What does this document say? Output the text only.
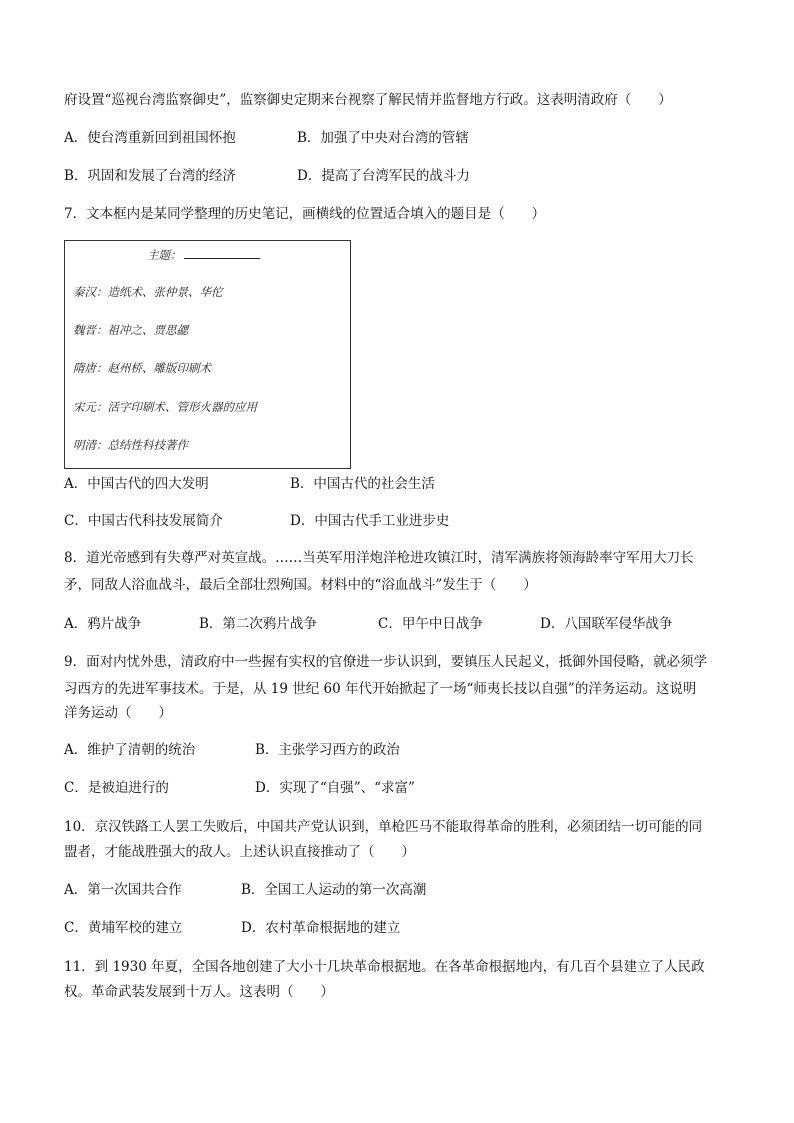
府设置“巡视台湾监察御史”，监察御史定期来台视察了解民情并监督地方行政。这表明清政府（　　）
A．使台湾重新回到祖国怀抱	B．加强了中央对台湾的管辖
B．巩固和发展了台湾的经济	D．提高了台湾军民的战斗力
7．文本框内是某同学整理的历史笔记，画横线的位置适合填入的题目是（　　）
主题：
秦汉：造纸术、张仲景、华佗
魏晋：祖冲之、贾思勰
隋唐：赵州桥、雕版印刷术
宋元：活字印刷术、管形火器的应用
明清：总结性科技著作
A．中国古代的四大发明	B．中国古代的社会生活
C．中国古代科技发展简介	D．中国古代手工业进步史
8．道光帝感到有失尊严对英宣战。……当英军用洋炮洋枪进攻镇江时，清军满族将领海龄率守军用大刀长
矛，同敌人浴血战斗，最后全部壮烈殉国。材料中的“浴血战斗”发生于（　　）
A．鸦片战争	B．第二次鸦片战争	C．甲午中日战争	D．八国联军侵华战争
9．面对内忧外患，清政府中一些握有实权的官僚进一步认识到，要镇压人民起义，抵御外国侵略，就必须学
习西方的先进军事技术。于是，从 19 世纪 60 年代开始掀起了一场“师夷长技以自强”的洋务运动。这说明
洋务运动（　　）
A．维护了清朝的统治	B．主张学习西方的政治
C．是被迫进行的	D．实现了“自强”、“求富”
10．京汉铁路工人罢工失败后，中国共产党认识到，单枪匹马不能取得革命的胜利，必须团结一切可能的同
盟者，才能战胜强大的敌人。上述认识直接推动了（　　）
A．第一次国共合作	B．全国工人运动的第一次高潮
C．黄埔军校的建立	D．农村革命根据地的建立
11．到 1930 年夏，全国各地创建了大小十几块革命根据地。在各革命根据地内，有几百个县建立了人民政
权。革命武装发展到十万人。这表明（　　）
